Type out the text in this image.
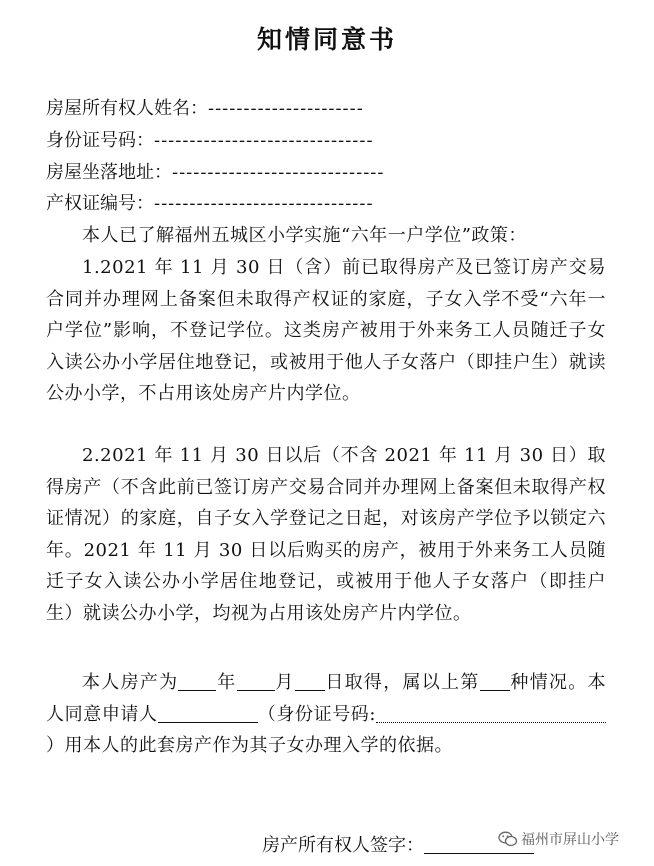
知情同意书
房屋所有权人姓名：----------------------
身份证号码：-------------------------------
房屋坐落地址：------------------------------
产权证编号：-------------------------------
本人已了解福州五城区小学实施“六年一户学位”政策：
1.2021 年 11 月 30 日（含）前已取得房产及已签订房产交易合同并办理网上备案但未取得产权证的家庭，子女入学不受“六年一户学位”影响，不登记学位。这类房产被用于外来务工人员随迁子女入读公办小学居住地登记，或被用于他人子女落户（即挂户生）就读公办小学，不占用该处房产片内学位。
2.2021 年 11 月 30 日以后（不含 2021 年 11 月 30 日）取得房产（不含此前已签订房产交易合同并办理网上备案但未取得产权证情况）的家庭，自子女入学登记之日起，对该房产学位予以锁定六年。2021 年 11 月 30 日以后购买的房产，被用于外来务工人员随迁子女入读公办小学居住地登记，或被用于他人子女落户（即挂户生）就读公办小学，均视为占用该处房产片内学位。
本人房产为 年 月 日取得，属以上第 种情况。本人同意申请人	（身份证号码:）用本人的此套房产作为其子女办理入学的依据。
房产所有权人签字：	福州市屏山小学
